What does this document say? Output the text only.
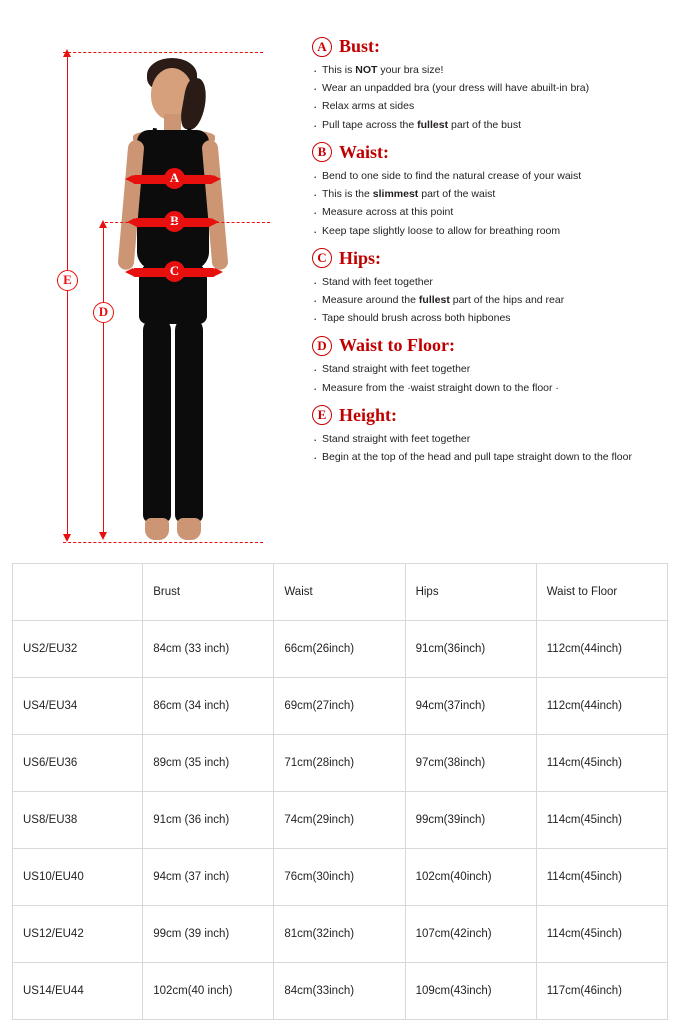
A
B
C
E
D
A Bust:
· This is NOT your bra size!
· Wear an unpadded bra (your dress will have abuilt-in bra)
· Relax arms at sides
· Pull tape across the fullest part of the bust
B Waist:
· Bend to one side to find the natural crease of your waist
· This is the slimmest part of the waist
· Measure across at this point
· Keep tape slightly loose to allow for breathing room
C Hips:
· Stand with feet together
· Measure around the fullest part of the hips and rear
· Tape should brush across both hipbones
D Waist to Floor:
· Stand straight with feet together
· Measure from the ·waist straight down to the floor ·
E Height:
· Stand straight with feet together
· Begin at the top of the head and pull tape straight down to the floor
	Brust	Waist	Hips	Waist to Floor
US2/EU32	84cm (33 inch)	66cm(26inch)	91cm(36inch)	112cm(44inch)
US4/EU34	86cm (34 inch)	69cm(27inch)	94cm(37inch)	112cm(44inch)
US6/EU36	89cm (35 inch)	71cm(28inch)	97cm(38inch)	114cm(45inch)
US8/EU38	91cm (36 inch)	74cm(29inch)	99cm(39inch)	114cm(45inch)
US10/EU40	94cm (37 inch)	76cm(30inch)	102cm(40inch)	114cm(45inch)
US12/EU42	99cm (39 inch)	81cm(32inch)	107cm(42inch)	114cm(45inch)
US14/EU44	102cm(40 inch)	84cm(33inch)	109cm(43inch)	117cm(46inch)
